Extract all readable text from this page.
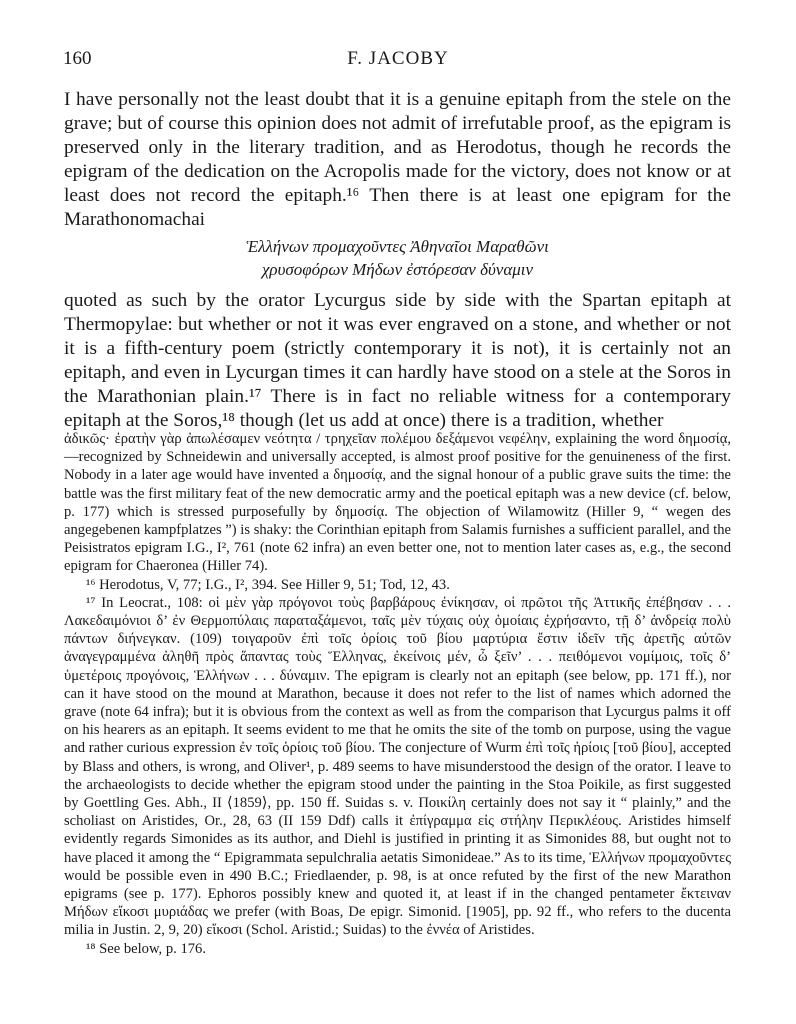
160	F. JACOBY
I have personally not the least doubt that it is a genuine epitaph from the stele on the grave; but of course this opinion does not admit of irrefutable proof, as the epigram is preserved only in the literary tradition, and as Herodotus, though he records the epigram of the dedication on the Acropolis made for the victory, does not know or at least does not record the epitaph.¹⁶ Then there is at least one epigram for the Marathonomachai
Ἑλλήνων προμαχοῦντες Ἀθηναῖοι Μαραθῶνι
χρυσοφόρων Μήδων ἐστόρεσαν δύναμιν
quoted as such by the orator Lycurgus side by side with the Spartan epitaph at Thermopylae: but whether or not it was ever engraved on a stone, and whether or not it is a fifth-century poem (strictly contemporary it is not), it is certainly not an epitaph, and even in Lycurgan times it can hardly have stood on a stele at the Soros in the Marathonian plain.¹⁷ There is in fact no reliable witness for a contemporary epitaph at the Soros,¹⁸ though (let us add at once) there is a tradition, whether

ἀδικῶς· ἐρατὴν γὰρ ἀπωλέσαμεν νεότητα / τρηχεῖαν πολέμου δεξάμενοι νεφέλην, explaining the word δημοσίᾳ,—recognized by Schneidewin and universally accepted, is almost proof positive for the genuineness of the first. Nobody in a later age would have invented a δημοσίᾳ, and the signal honour of a public grave suits the time: the battle was the first military feat of the new democratic army and the poetical epitaph was a new device (cf. below, p. 177) which is stressed purposefully by δημοσίᾳ. The objection of Wilamowitz (Hiller 9, “ wegen des angegebenen kampfplatzes ”) is shaky: the Corinthian epitaph from Salamis furnishes a sufficient parallel, and the Peisistratos epigram I.G., I², 761 (note 62 infra) an even better one, not to mention later cases as, e.g., the second epigram for Chaeronea (Hiller 74).

¹⁶ Herodotus, V, 77; I.G., I², 394. See Hiller 9, 51; Tod, 12, 43.

¹⁷ In Leocrat., 108: οἱ μὲν γὰρ πρόγονοι τοὺς βαρβάρους ἐνίκησαν, οἱ πρῶτοι τῆς Ἀττικῆς ἐπέβησαν . . . Λακεδαιμόνιοι δ’ ἐν Θερμοπύλαις παραταξάμενοι, ταῖς μὲν τύχαις οὐχ ὁμοίαις ἐχρήσαντο, τῇ δ’ ἀνδρείᾳ πολὺ πάντων διήνεγκαν. (109) τοιγαροῦν ἐπὶ τοῖς ὁρίοις τοῦ βίου μαρτύρια ἔστιν ἰδεῖν τῆς ἀρετῆς αὐτῶν ἀναγεγραμμένα ἀληθῆ πρὸς ἅπαντας τοὺς Ἕλληνας, ἐκείνοις μέν, ὦ ξεῖν’ . . . πειθόμενοι νομίμοις, τοῖς δ’ ὑμετέροις προγόνοις, Ἑλλήνων . . . δύναμιν. The epigram is clearly not an epitaph (see below, pp. 171 ff.), nor can it have stood on the mound at Marathon, because it does not refer to the list of names which adorned the grave (note 64 infra); but it is obvious from the context as well as from the comparison that Lycurgus palms it off on his hearers as an epitaph. It seems evident to me that he omits the site of the tomb on purpose, using the vague and rather curious expression ἐν τοῖς ὁρίοις τοῦ βίου. The conjecture of Wurm ἐπὶ τοῖς ἠρίοις [τοῦ βίου], accepted by Blass and others, is wrong, and Oliver¹, p. 489 seems to have misunderstood the design of the orator. I leave to the archaeologists to decide whether the epigram stood under the painting in the Stoa Poikile, as first suggested by Goettling Ges. Abh., II ⟨1859⟩, pp. 150 ff. Suidas s. v. Ποικίλη certainly does not say it “ plainly,” and the scholiast on Aristides, Or., 28, 63 (II 159 Ddf) calls it ἐπίγραμμα εἰς στήλην Περικλέους. Aristides himself evidently regards Simonides as its author, and Diehl is justified in printing it as Simonides 88, but ought not to have placed it among the “ Epigrammata sepulchralia aetatis Simonideae.” As to its time, Ἑλλήνων προμαχοῦντες would be possible even in 490 B.C.; Friedlaender, p. 98, is at once refuted by the first of the new Marathon epigrams (see p. 177). Ephoros possibly knew and quoted it, at least if in the changed pentameter ἔκτειναν Μήδων εἴκοσι μυριάδας we prefer (with Boas, De epigr. Simonid. [1905], pp. 92 ff., who refers to the ducenta milia in Justin. 2, 9, 20) εἴκοσι (Schol. Aristid.; Suidas) to the ἐννέα of Aristides.

¹⁸ See below, p. 176.
